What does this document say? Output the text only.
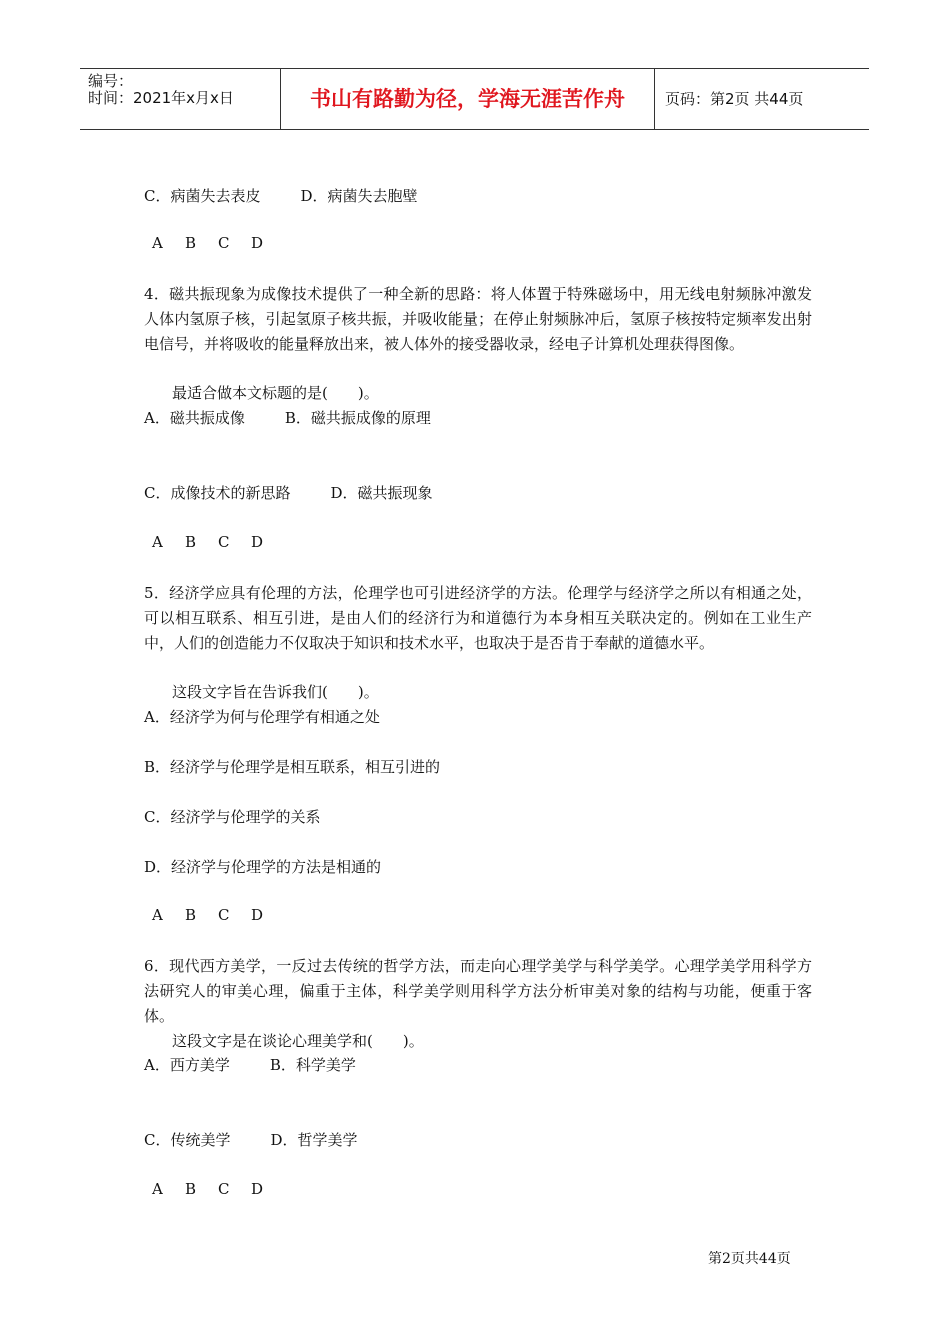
编号：
时间：2021年x月x日	书山有路勤为径，学海无涯苦作舟	页码：第2页 共44页
C．病菌失去表皮	D．病菌失去胞壁
A B C D
4．磁共振现象为成像技术提供了一种全新的思路：将人体置于特殊磁场中，用无线电射频脉冲激发人体内氢原子核，引起氢原子核共振，并吸收能量；在停止射频脉冲后，氢原子核按特定频率发出射电信号，并将吸收的能量释放出来，被人体外的接受器收录，经电子计算机处理获得图像。
最适合做本文标题的是(　　)。
A．磁共振成像	B．磁共振成像的原理
C．成像技术的新思路	D．磁共振现象
A B C D
5．经济学应具有伦理的方法，伦理学也可引进经济学的方法。伦理学与经济学之所以有相通之处，可以相互联系、相互引进，是由人们的经济行为和道德行为本身相互关联决定的。例如在工业生产中，人们的创造能力不仅取决于知识和技术水平，也取决于是否肯于奉献的道德水平。
这段文字旨在告诉我们(　　)。
A．经济学为何与伦理学有相通之处
B．经济学与伦理学是相互联系，相互引进的
C．经济学与伦理学的关系
D．经济学与伦理学的方法是相通的
A B C D
6．现代西方美学，一反过去传统的哲学方法，而走向心理学美学与科学美学。心理学美学用科学方法研究人的审美心理，偏重于主体，科学美学则用科学方法分析审美对象的结构与功能，便重于客体。
这段文字是在谈论心理美学和(　　)。
A．西方美学	B．科学美学
C．传统美学	D．哲学美学
A B C D
第2页共44页
